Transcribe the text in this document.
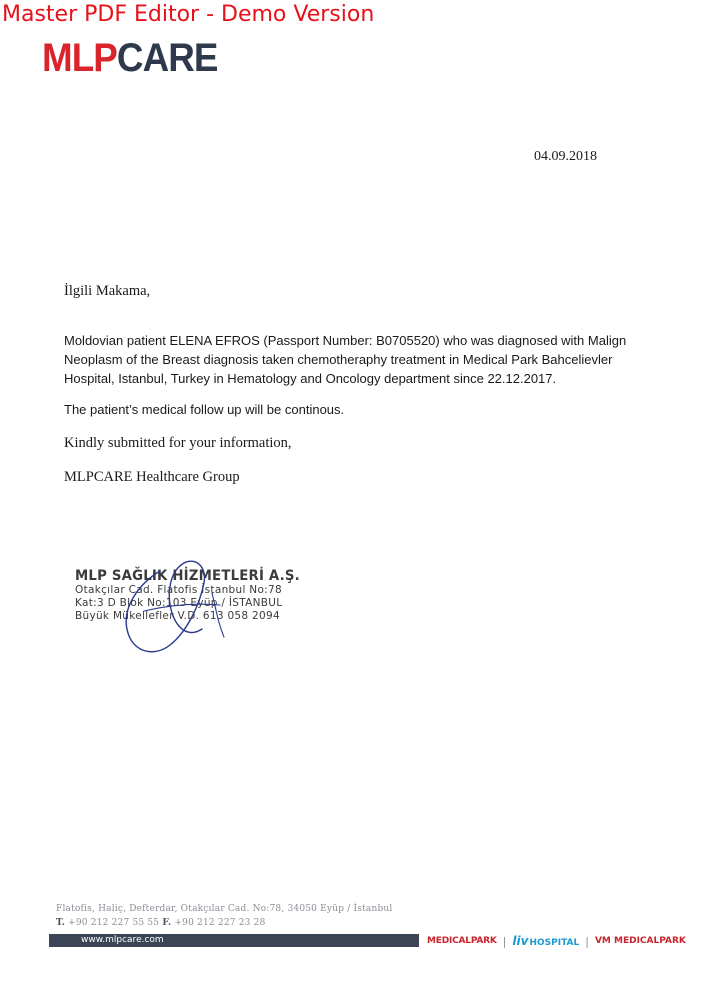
Master PDF Editor - Demo Version
MLPCARE
04.09.2018
İlgili Makama,
Moldovian patient ELENA EFROS (Passport Number: B0705520) who was diagnosed with Malign
Neoplasm of the Breast diagnosis taken chemotheraphy treatment in Medical Park Bahcelievler
Hospital, Istanbul, Turkey in Hematology and Oncology department since 22.12.2017.
The patient’s medical follow up will be continous.
Kindly submitted for your information,
MLPCARE Healthcare Group
MLP SAĞLIK HİZMETLERİ A.Ş.
Otakçılar Cad. Flatofis İstanbul No:78
Kat:3 D Blok No:103 Eyüp / İSTANBUL
Büyük Mükellefler V.D. 613 058 2094
Flatofis, Haliç, Defterdar, Otakçılar Cad. No:78, 34050 Eyüp / İstanbul
T. +90 212 227 55 55 F. +90 212 227 23 28
www.mlpcare.com	MEDICALPARK | livHOSPITAL | VM MEDICALPARK
